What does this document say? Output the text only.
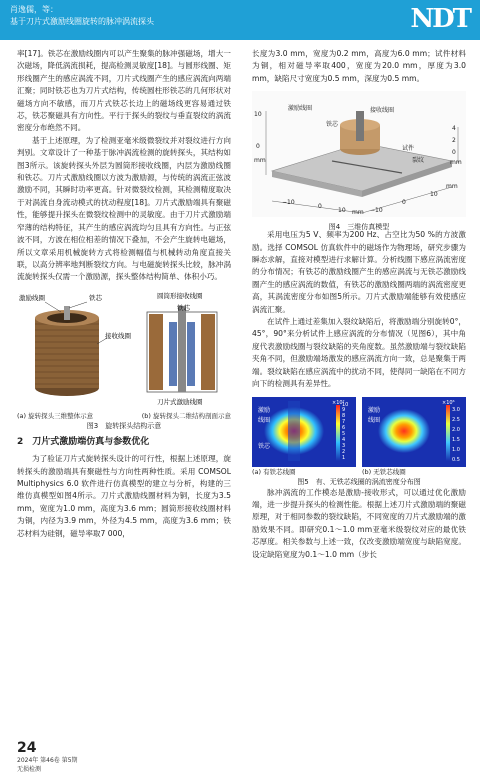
肖逸儒，等：
基于刀片式激励线圈旋转的脉冲涡流探头	NDT

率[17]。铁芯在激励线圈内可以产生聚集的脉冲强磁场，增大一次磁场，降低涡流损耗，提高检测灵敏度[18]。与圆形线圈、矩形线圈产生的感应涡流不同，刀片式线圈产生的感应涡流向两端汇聚；同时铁芯也为刀片式结构，传统圆柱形铁芯的几何形状对磁场方向不敏感，而刀片式铁芯长边上的磁场线更容易通过铁芯，铁芯聚磁具有方向性。平行于探头的裂纹与垂直裂纹的涡流密度分布绝然不同。

基于上述原理，为了检测亚毫米级微裂纹并对裂纹进行方向判别。文章设计了一种基于脉冲涡流检测的旋转探头，其结构如图3所示。该旋转探头外层为圆筒形接收线圈，内层为激励线圈和铁芯。刀片式激励线圈以方波为激励源，与传统的涡流正弦波激励不同，其瞬时功率更高。针对微裂纹检测，其检测精度取决于对涡流自身流动模式的扰动程度[18]。刀片式激励端具有聚磁性，能够提升探头在微裂纹检测中的灵敏度。由于刀片式激励端窄薄的结构特征，其产生的感应涡流均匀且具有方向性。与正弦波不同，方波在相位相差的情况下叠加，不会产生旋转电磁场，所以文章采用机械旋转方式将检测幅值与机械转动角度直接关联，以高分辨率地判断裂纹方向。与电磁旋转探头比较，脉冲涡流旋转探头仅需一个激励源，探头整体结构简单、体积小巧。

激励线圈	铁芯
接收线圈
圆筒形接收线圈
铁芯
刀片式激励线圈
(a) 旋转探头三维整体示意	(b) 旋转探头二维结构剖面示意
图3　旋转探头结构示意
2　刀片式激励端仿真与参数优化

为了验证刀片式旋转探头设计的可行性，根据上述原理，旋转探头的激励端具有聚磁性与方向性两种性质。采用 COMSOL Multiphysics 6.0 软件进行仿真模型的建立与分析，构建的三维仿真模型如图4所示。刀片式激励线圈材料为铜，长度为3.5 mm，宽度为1.0 mm，高度为3.6 mm；圆筒形接收线圈材料为铜，内径为3.9 mm，外径为4.5 mm，高度为3.6 mm；铁芯材料为硅钢，磁导率取7 000，

长度为3.0 mm，宽度为0.2 mm，高度为6.0 mm；试件材料为铜，相对磁导率取400，宽度为20.0 mm，厚度为3.0 mm，缺陷尺寸宽度为0.5 mm，深度为0.5 mm。

激励线圈	接收线圈
铁芯
试件
裂纹
10
0
mm
−10
0
10 mm −10
0
10
mm
4
2
0
mm
图4　三维仿真模型

采用电压为5 V、频率为200 Hz、占空比为50 %的方波激励。选择 COMSOL 仿真软件中的磁场作为物理场，研究步骤为瞬态求解，直接对模型进行求解计算。分析线圈下感应涡流密度的分布情况；有铁芯的激励线圈产生的感应涡流与无铁芯激励线圈产生的感应涡流的数值，有铁芯的激励线圈两端的涡流密度更高，其涡流密度分布如图5所示。刀片式激励端能够有效使感应涡流汇聚。

在试件上通过差集加入裂纹缺陷后，将激励端分别旋转0°，45°，90°来分析试件上感应涡流的分布情况（见图6），其中角度代表激励线圈与裂纹缺陷的夹角度数。虽然激励端与裂纹缺陷夹角不同，但激励端场激发的感应涡流方向一致，总是聚集于两端。裂纹缺陷在感应涡流中的扰动不同，使得同一缺陷在不同方向下的检测具有差异性。

激励
线圈
铁芯
×10⁷
10
9
8
7
6
5
4
3
2
1
(a) 有铁芯线圈
激励
线圈
×10⁶
3.0
2.5
2.0
1.5
1.0
0.5
(b) 无铁芯线圈
图5　有、无铁芯线圈的涡流密度分布图

脉冲涡流的工作模态是激励-接收形式，可以通过优化激励端，进一步提升探头的检测性能。根据上述刀片式激励端的聚磁原理，对于相同参数的裂纹缺陷，不同宽度的刀片式激励端的激励效果不同。即研究0.1～1.0 mm亚毫米级裂纹对应的最优铁芯厚度。相关参数与上述一致，仅改变激励端宽度与缺陷宽度。设定缺陷宽度为0.1～1.0 mm（步长

24
2024年 第46卷 第5期
无损检测
